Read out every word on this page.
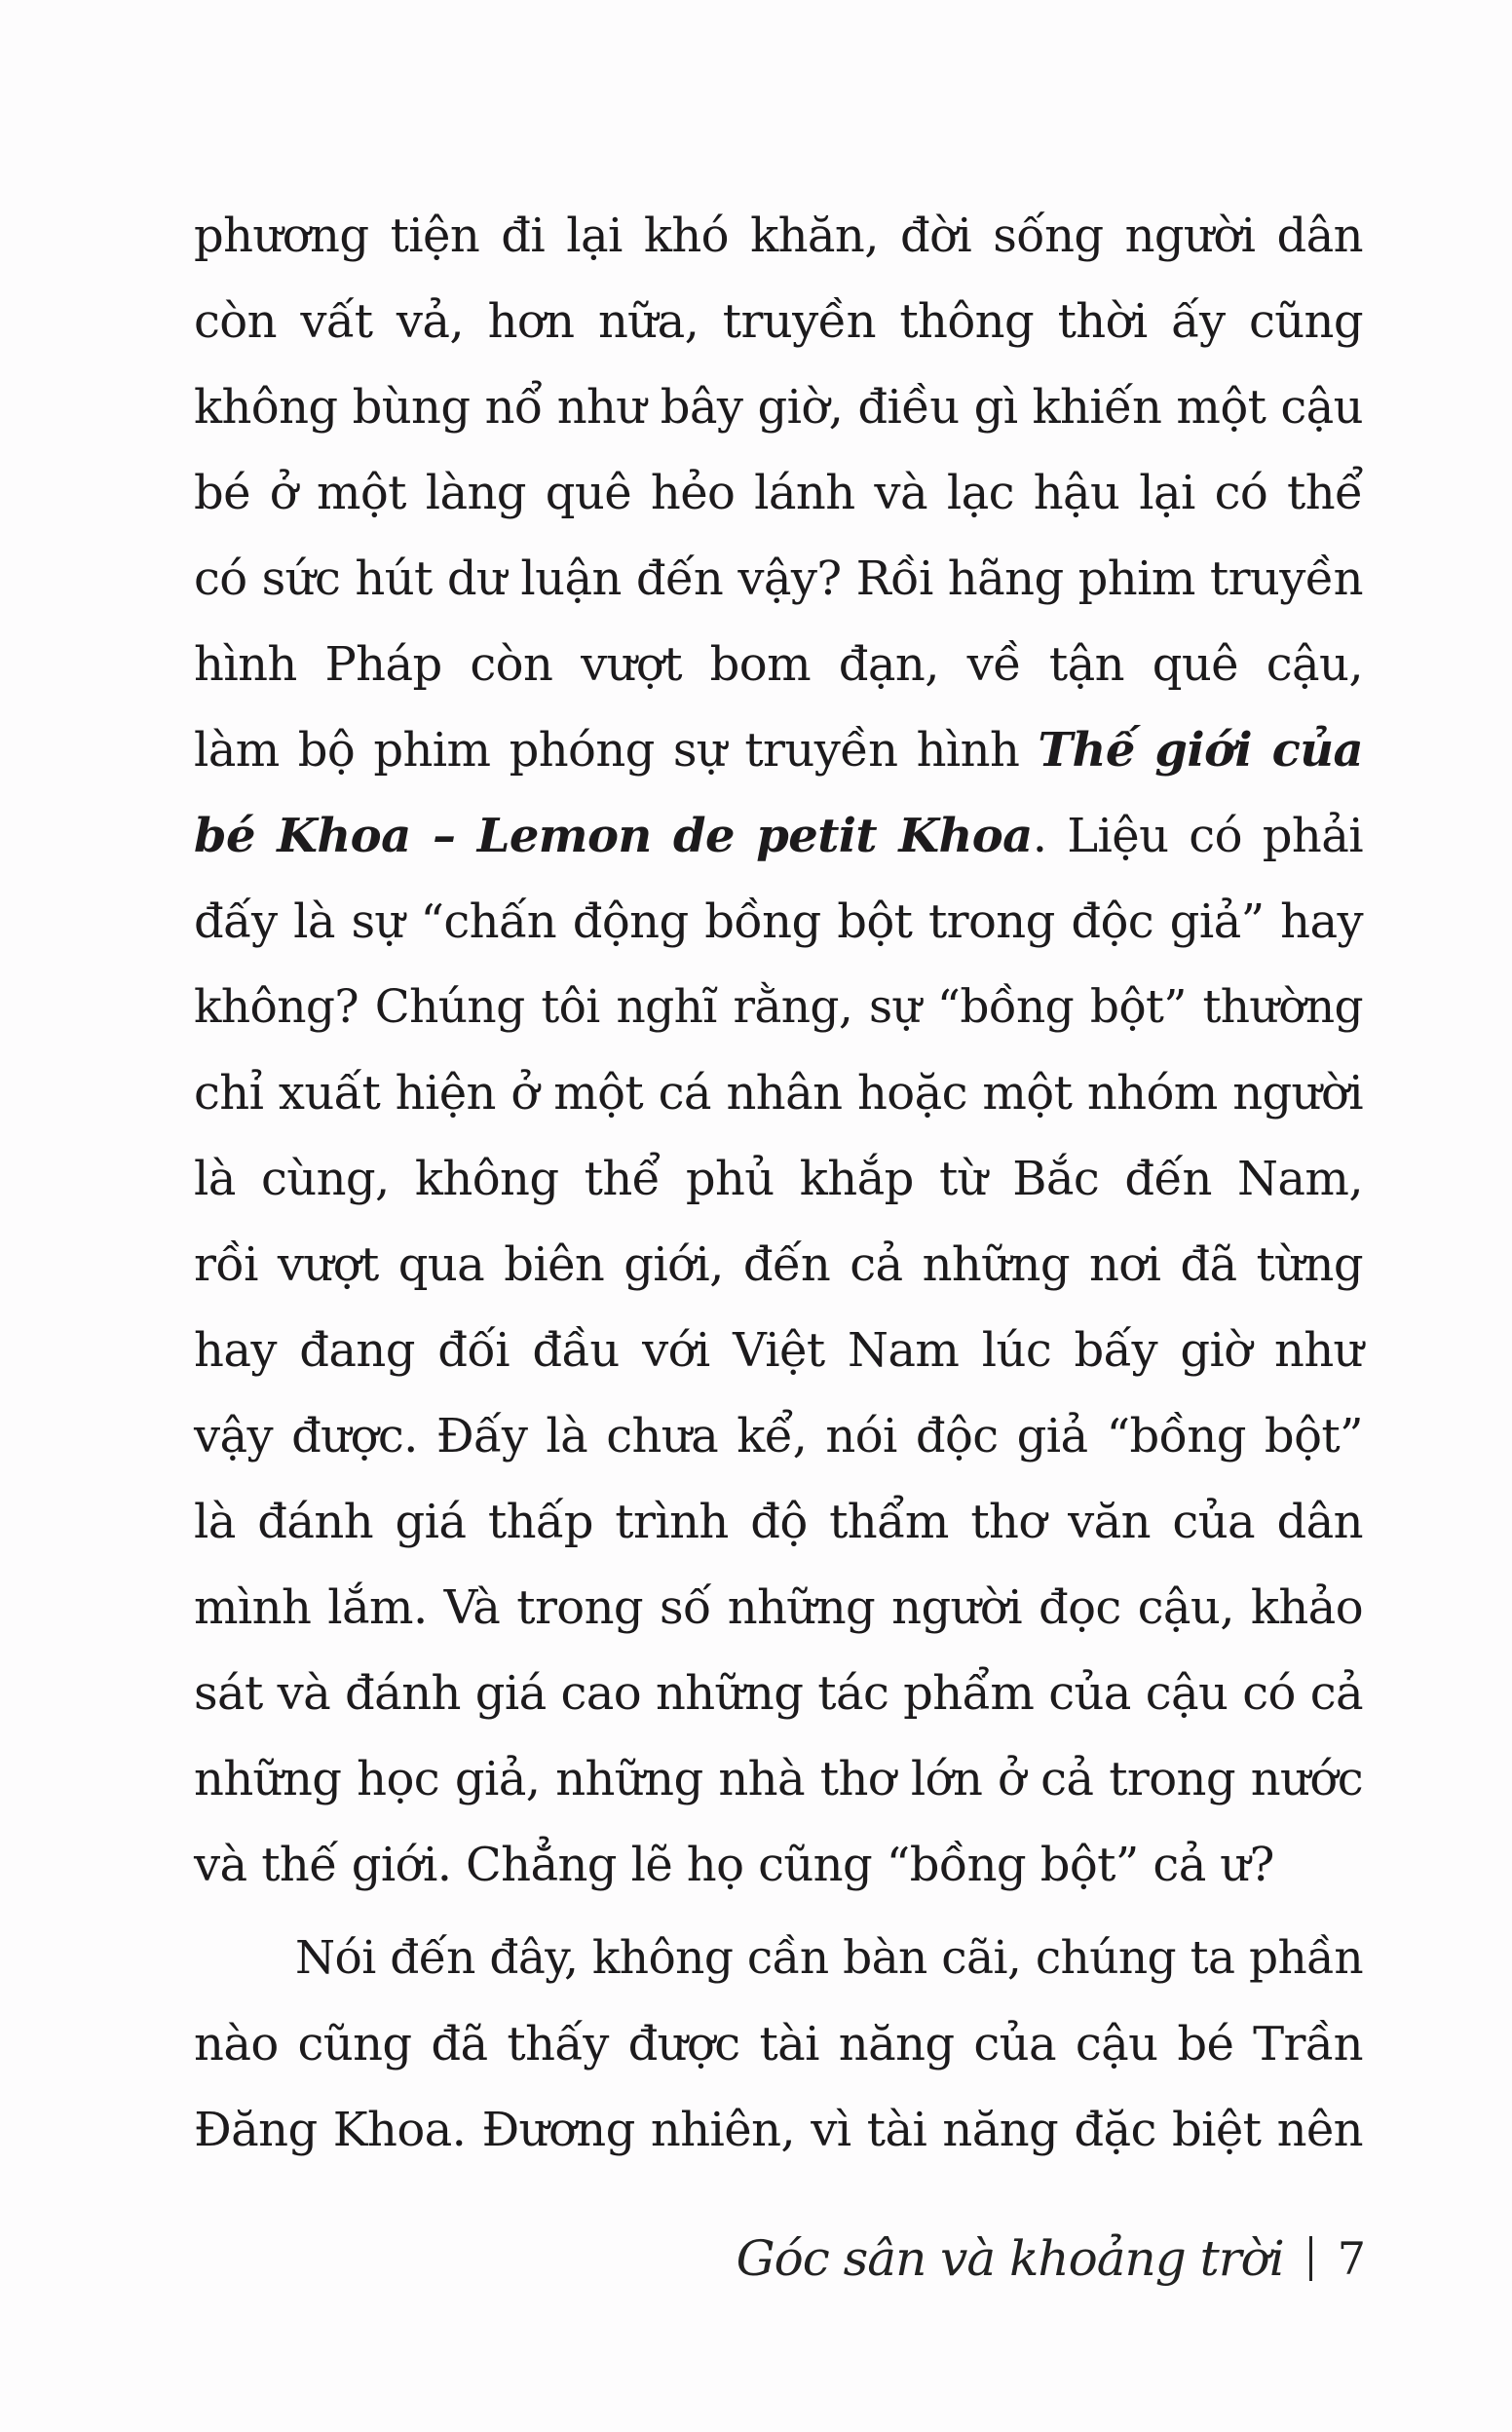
phương tiện đi lại khó khăn, đời sống người dân
còn vất vả, hơn nữa, truyền thông thời ấy cũng
không bùng nổ như bây giờ, điều gì khiến một cậu
bé ở một làng quê hẻo lánh và lạc hậu lại có thể
có sức hút dư luận đến vậy? Rồi hãng phim truyền
hình Pháp còn vượt bom đạn, về tận quê cậu,
làm bộ phim phóng sự truyền hình Thế giới của
bé Khoa – Lemon de petit Khoa. Liệu có phải
đấy là sự “chấn động bồng bột trong độc giả” hay
không? Chúng tôi nghĩ rằng, sự “bồng bột” thường
chỉ xuất hiện ở một cá nhân hoặc một nhóm người
là cùng, không thể phủ khắp từ Bắc đến Nam,
rồi vượt qua biên giới, đến cả những nơi đã từng
hay đang đối đầu với Việt Nam lúc bấy giờ như
vậy được. Đấy là chưa kể, nói độc giả “bồng bột”
là đánh giá thấp trình độ thẩm thơ văn của dân
mình lắm. Và trong số những người đọc cậu, khảo
sát và đánh giá cao những tác phẩm của cậu có cả
những học giả, những nhà thơ lớn ở cả trong nước
và thế giới. Chẳng lẽ họ cũng “bồng bột” cả ư?
Nói đến đây, không cần bàn cãi, chúng ta phần
nào cũng đã thấy được tài năng của cậu bé Trần
Đăng Khoa. Đương nhiên, vì tài năng đặc biệt nên
Góc sân và khoảng trời 7
